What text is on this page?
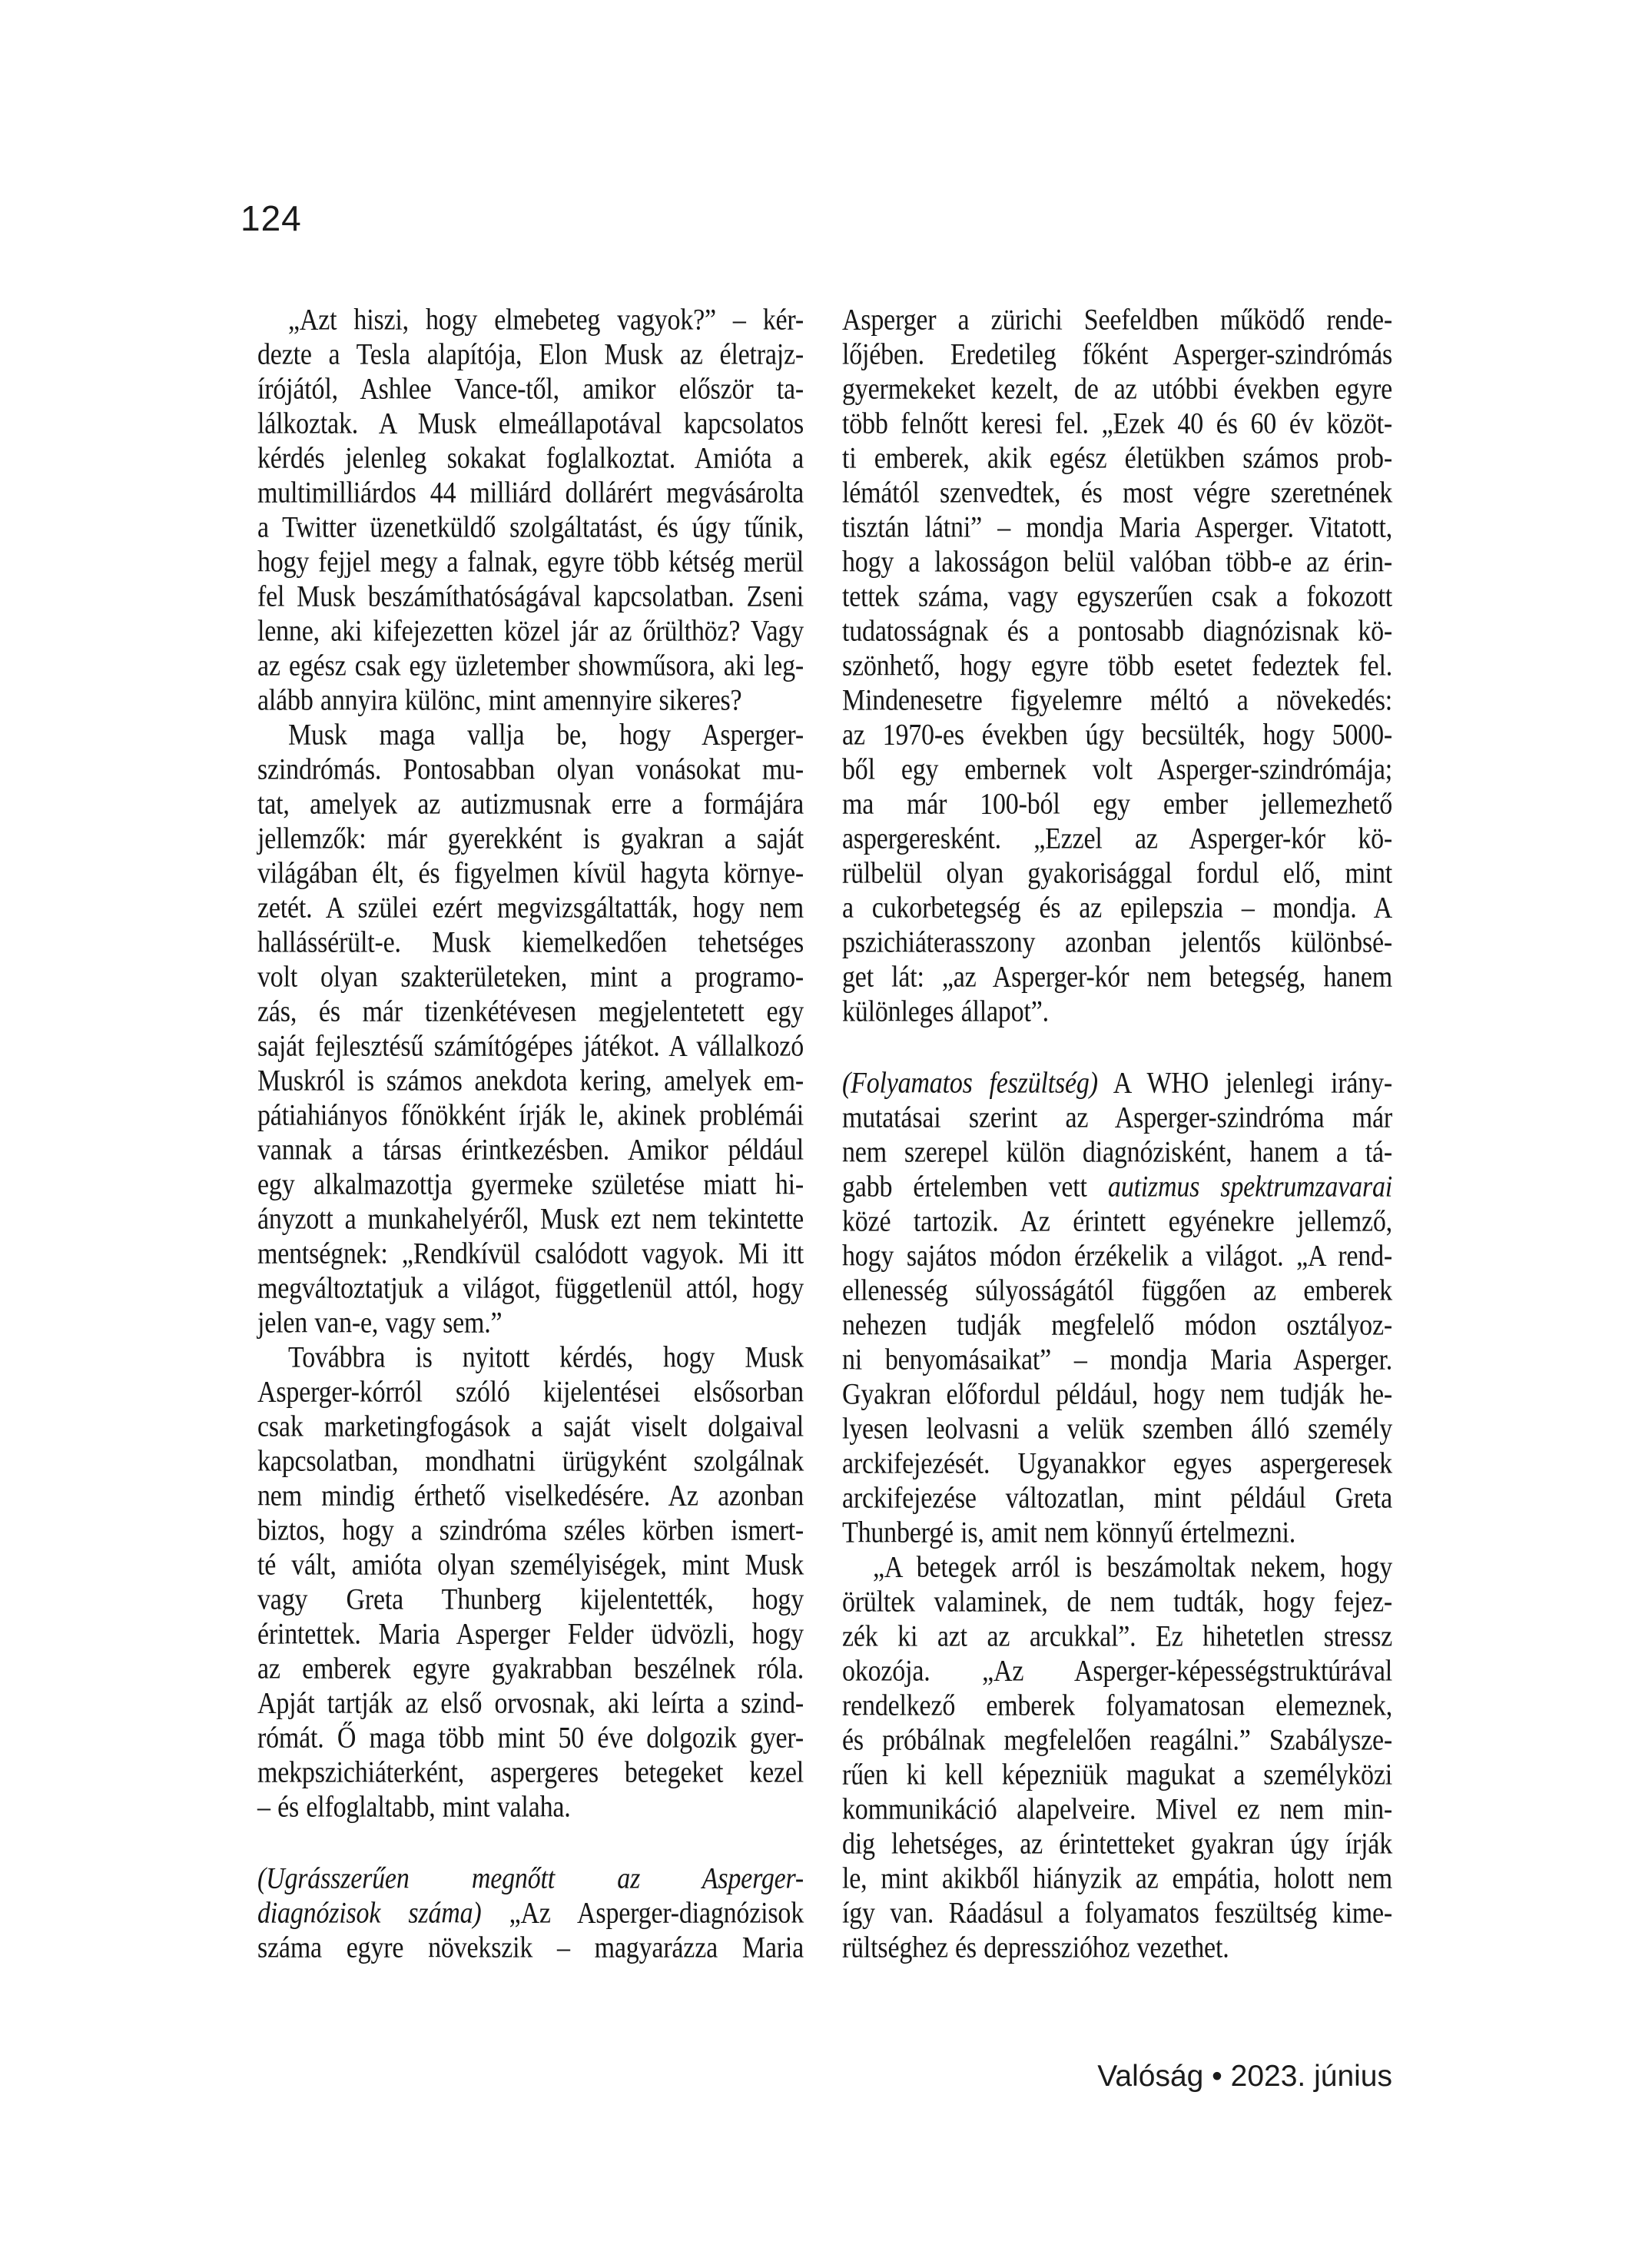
124
„Azt hiszi, hogy elmebeteg vagyok?” – kér-
dezte a Tesla alapítója, Elon Musk az életrajz-
írójától, Ashlee Vance-től, amikor először ta-
lálkoztak. A Musk elmeállapotával kapcsolatos
kérdés jelenleg sokakat foglalkoztat. Amióta a
multimilliárdos 44 milliárd dollárért megvásárolta
a Twitter üzenetküldő szolgáltatást, és úgy tűnik,
hogy fejjel megy a falnak, egyre több kétség merül
fel Musk beszámíthatóságával kapcsolatban. Zseni
lenne, aki kifejezetten közel jár az őrülthöz? Vagy
az egész csak egy üzletember showműsora, aki leg-
alább annyira különc, mint amennyire sikeres?
Musk maga vallja be, hogy Asperger-
szindrómás. Pontosabban olyan vonásokat mu-
tat, amelyek az autizmusnak erre a formájára
jellemzők: már gyerekként is gyakran a saját
világában élt, és figyelmen kívül hagyta környe-
zetét. A szülei ezért megvizsgáltatták, hogy nem
hallássérült-e. Musk kiemelkedően tehetséges
volt olyan szakterületeken, mint a programo-
zás, és már tizenkétévesen megjelentetett egy
saját fejlesztésű számítógépes játékot. A vállalkozó
Muskról is számos anekdota kering, amelyek em-
pátiahiányos főnökként írják le, akinek problémái
vannak a társas érintkezésben. Amikor például
egy alkalmazottja gyermeke születése miatt hi-
ányzott a munkahelyéről, Musk ezt nem tekintette
mentségnek: „Rendkívül csalódott vagyok. Mi itt
megváltoztatjuk a világot, függetlenül attól, hogy
jelen van-e, vagy sem.”
Továbbra is nyitott kérdés, hogy Musk
Asperger-kórról szóló kijelentései elsősorban
csak marketingfogások a saját viselt dolgaival
kapcsolatban, mondhatni ürügyként szolgálnak
nem mindig érthető viselkedésére. Az azonban
biztos, hogy a szindróma széles körben ismert-
té vált, amióta olyan személyiségek, mint Musk
vagy Greta Thunberg kijelentették, hogy
érintettek. Maria Asperger Felder üdvözli, hogy
az emberek egyre gyakrabban beszélnek róla.
Apját tartják az első orvosnak, aki leírta a szind-
rómát. Ő maga több mint 50 éve dolgozik gyer-
mekpszichiáterként, aspergeres betegeket kezel
– és elfoglaltabb, mint valaha.
(Ugrásszerűen megnőtt az Asperger-
diagnózisok száma) „Az Asperger-diagnózisok
száma egyre növekszik – magyarázza Maria
Asperger a zürichi Seefeldben működő rende-
lőjében. Eredetileg főként Asperger-szindrómás
gyermekeket kezelt, de az utóbbi években egyre
több felnőtt keresi fel. „Ezek 40 és 60 év közöt-
ti emberek, akik egész életükben számos prob-
lémától szenvedtek, és most végre szeretnének
tisztán látni” – mondja Maria Asperger. Vitatott,
hogy a lakosságon belül valóban több-e az érin-
tettek száma, vagy egyszerűen csak a fokozott
tudatosságnak és a pontosabb diagnózisnak kö-
szönhető, hogy egyre több esetet fedeztek fel.
Mindenesetre figyelemre méltó a növekedés:
az 1970-es években úgy becsülték, hogy 5000-
ből egy embernek volt Asperger-szindrómája;
ma már 100-ból egy ember jellemezhető
aspergeresként. „Ezzel az Asperger-kór kö-
rülbelül olyan gyakorisággal fordul elő, mint
a cukorbetegség és az epilepszia – mondja. A
pszichiáterasszony azonban jelentős különbsé-
get lát: „az Asperger-kór nem betegség, hanem
különleges állapot”.
(Folyamatos feszültség) A WHO jelenlegi irány-
mutatásai szerint az Asperger-szindróma már
nem szerepel külön diagnózisként, hanem a tá-
gabb értelemben vett autizmus spektrumzavarai
közé tartozik. Az érintett egyénekre jellemző,
hogy sajátos módon érzékelik a világot. „A rend-
ellenesség súlyosságától függően az emberek
nehezen tudják megfelelő módon osztályoz-
ni benyomásaikat” – mondja Maria Asperger.
Gyakran előfordul például, hogy nem tudják he-
lyesen leolvasni a velük szemben álló személy
arckifejezését. Ugyanakkor egyes aspergeresek
arckifejezése változatlan, mint például Greta
Thunbergé is, amit nem könnyű értelmezni.
„A betegek arról is beszámoltak nekem, hogy
örültek valaminek, de nem tudták, hogy fejez-
zék ki azt az arcukkal”. Ez hihetetlen stressz
okozója. „Az Asperger-képességstruktúrával
rendelkező emberek folyamatosan elemeznek,
és próbálnak megfelelően reagálni.” Szabálysze-
rűen ki kell képezniük magukat a személyközi
kommunikáció alapelveire. Mivel ez nem min-
dig lehetséges, az érintetteket gyakran úgy írják
le, mint akikből hiányzik az empátia, holott nem
így van. Ráadásul a folyamatos feszültség kime-
rültséghez és depresszióhoz vezethet.
Valóság • 2023. június
